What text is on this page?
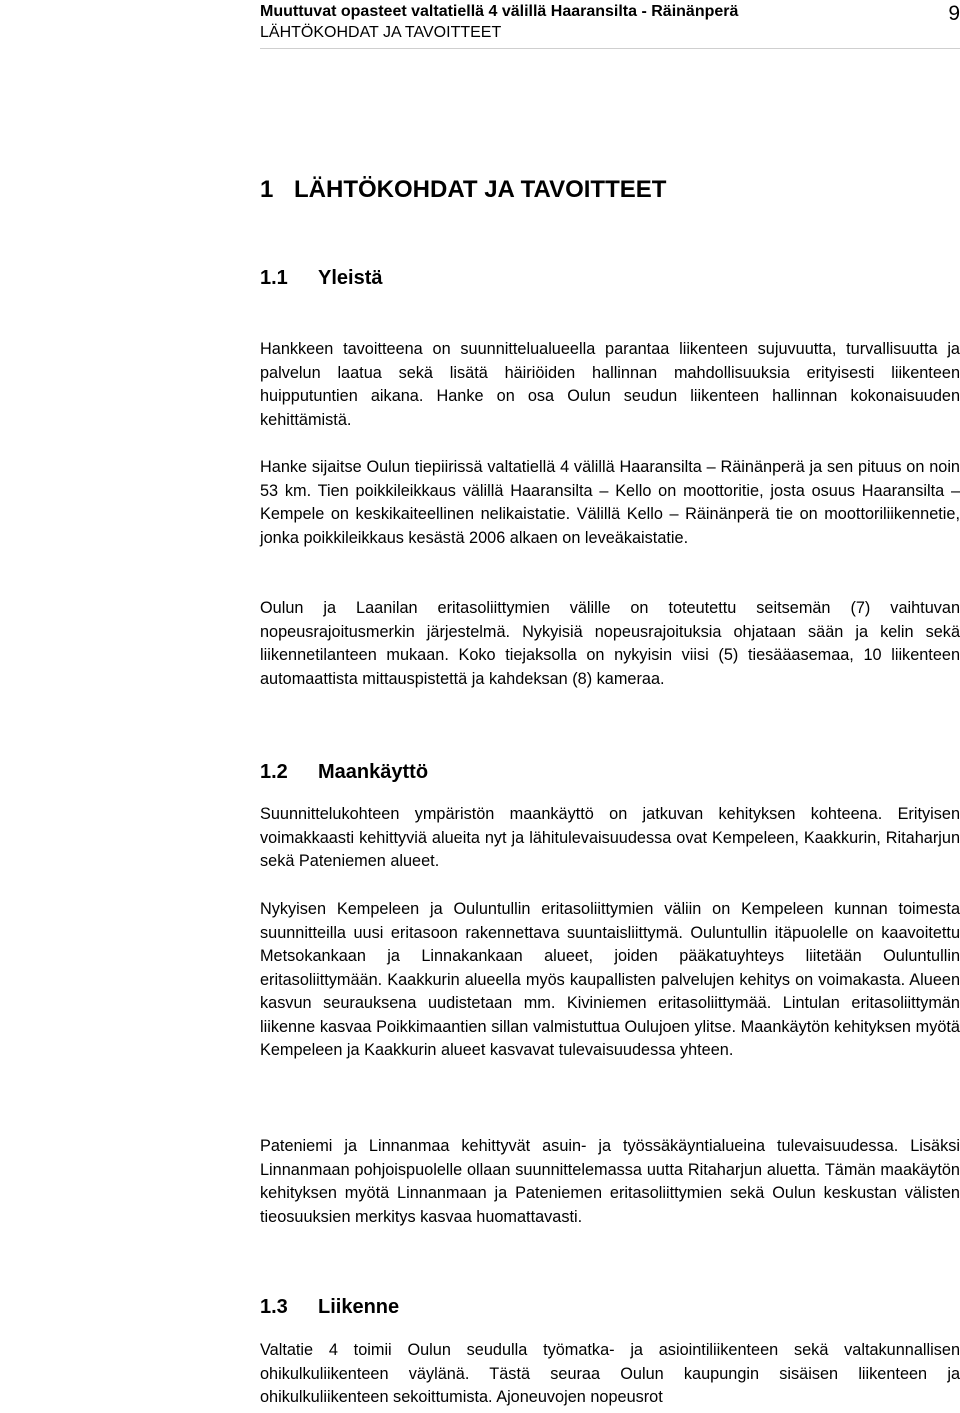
Muuttuvat opasteet valtatiellä 4 välillä Haaransilta - Räinänperä
LÄHTÖKOHDAT JA TAVOITTEET
9
1 LÄHTÖKOHDAT JA TAVOITTEET
1.1 Yleistä
Hankkeen tavoitteena on suunnittelualueella parantaa liikenteen sujuvuutta, turvallisuutta ja palvelun laatua sekä lisätä häiriöiden hallinnan mahdollisuuksia erityisesti liikenteen huipputuntien aikana. Hanke on osa Oulun seudun liikenteen hallinnan kokonaisuuden kehittämistä.
Hanke sijaitse Oulun tiepiirissä valtatiellä 4 välillä Haaransilta – Räinänperä ja sen pituus on noin 53 km. Tien poikkileikkaus välillä Haaransilta – Kello on moottoritie, josta osuus Haaransilta – Kempele on keskikaiteellinen nelikaistatie. Välillä Kello – Räinänperä tie on moottoriliikennetie, jonka poikkileikkaus kesästä 2006 alkaen on leveäkaistatie.
Oulun ja Laanilan eritasoliittymien välille on toteutettu seitsemän (7) vaihtuvan nopeusrajoitusmerkin järjestelmä. Nykyisiä nopeusrajoituksia ohjataan sään ja kelin sekä liikennetilanteen mukaan. Koko tiejaksolla on nykyisin viisi (5) tiesääasemaa, 10 liikenteen automaattista mittauspistettä ja kahdeksan (8) kameraa.
1.2 Maankäyttö
Suunnittelukohteen ympäristön maankäyttö on jatkuvan kehityksen kohteena. Erityisen voimakkaasti kehittyviä alueita nyt ja lähitulevaisuudessa ovat Kempeleen, Kaakkurin, Ritaharjun sekä Pateniemen alueet.
Nykyisen Kempeleen ja Ouluntullin eritasoliittymien väliin on Kempeleen kunnan toimesta suunnitteilla uusi eritasoon rakennettava suuntaisliittymä. Ouluntullin itäpuolelle on kaavoitettu Metsokankaan ja Linnakankaan alueet, joiden pääkatuyhteys liitetään Ouluntullin eritasoliittymään. Kaakkurin alueella myös kaupallisten palvelujen kehitys on voimakasta. Alueen kasvun seurauksena uudistetaan mm. Kiviniemen eritasoliittymää. Lintulan eritasoliittymän liikenne kasvaa Poikkimaantien sillan valmistuttua Oulujoen ylitse. Maankäytön kehityksen myötä Kempeleen ja Kaakkurin alueet kasvavat tulevaisuudessa yhteen.
Pateniemi ja Linnanmaa kehittyvät asuin- ja työssäkäyntialueina tulevaisuudessa. Lisäksi Linnanmaan pohjoispuolelle ollaan suunnittelemassa uutta Ritaharjun aluetta. Tämän maakäytön kehityksen myötä Linnanmaan ja Pateniemen eritasoliittymien sekä Oulun keskustan välisten tieosuuksien merkitys kasvaa huomattavasti.
1.3 Liikenne
Valtatie 4 toimii Oulun seudulla työmatka- ja asiointiliikenteen sekä valtakunnallisen ohikulkuliikenteen väylänä. Tästä seuraa Oulun kaupungin sisäisen liikenteen ja ohikulkuliikenteen sekoittumista. Ajoneuvojen nopeusrot
